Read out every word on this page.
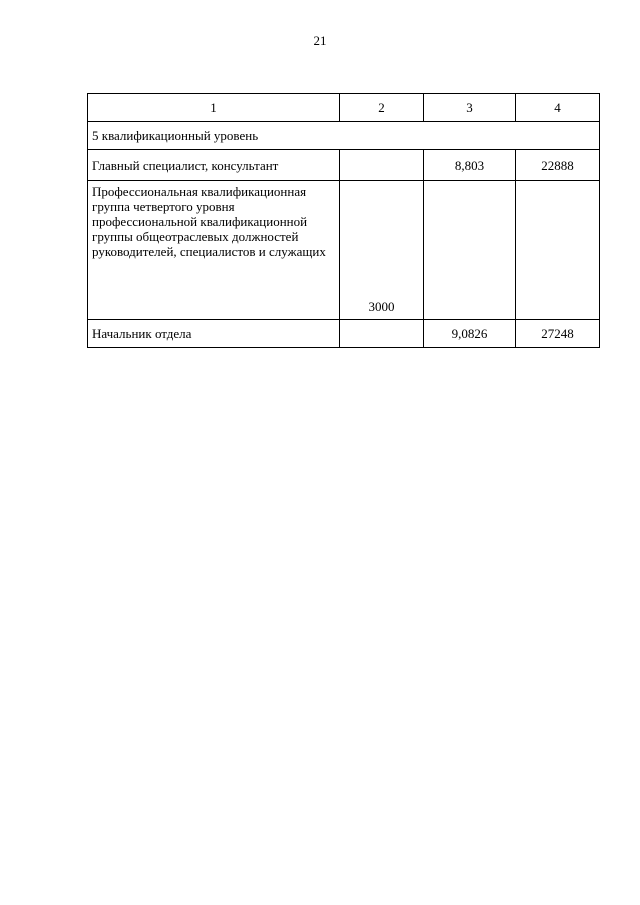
21
1	2	3	4
5 квалификационный уровень			
Главный специалист, консультант		8,803	22888
Профессиональная квалификационная группа четвертого уровня профессиональной квалификационной группы общеотраслевых должностей руководителей, специалистов и служащих	3000		
Начальник отдела		9,0826	27248
